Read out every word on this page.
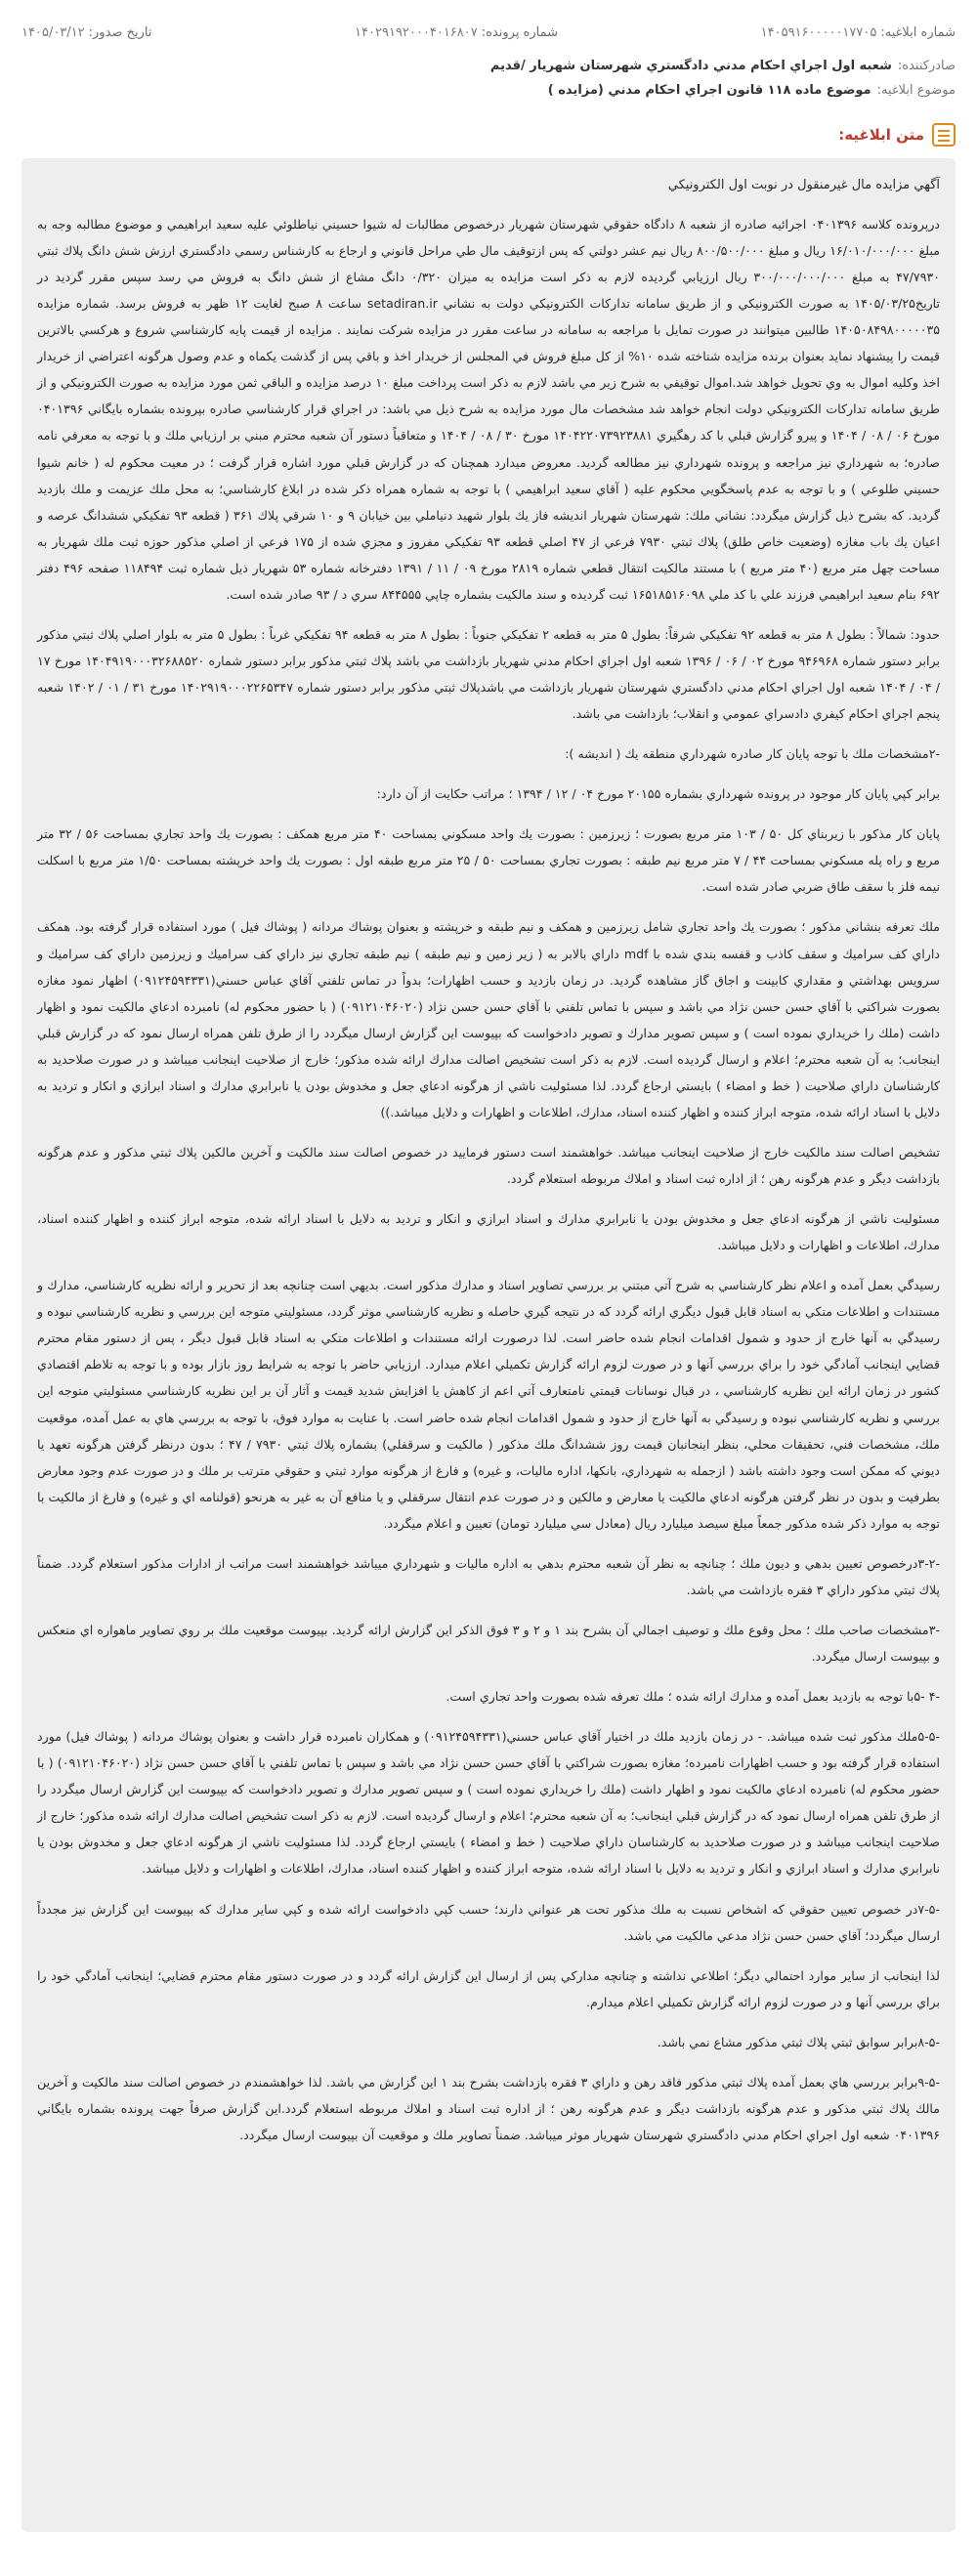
شماره ابلاغیه:
۱۴۰۵۹۱۶۰۰۰۰۰۱۷۷۰۵
شماره پرونده:
۱۴۰۲۹۱۹۲۰۰۰۴۰۱۶۸۰۷
تاریخ صدور:
۱۴۰۵/۰۳/۱۲
صادرکننده:
شعبه اول اجراي احكام مدني دادگستري شهرستان شهريار /قديم
موضوع ابلاغیه:
موضوع ماده ۱۱۸ قانون اجراي احكام مدني (مزايده )
متن ابلاغیه:

آگهي مزايده مال غيرمنقول در نوبت اول الكترونيكي

درپرونده كلاسه ۰۴۰۱۳۹۶ اجرائيه صادره از شعبه ۸ دادگاه حقوقي شهرستان شهريار درخصوص مطالبات له شيوا حسيني نياطلوئي عليه سعيد ابراهيمي و موضوع مطالبه وجه به مبلغ ۱۶/۰۱۰/۰۰۰/۰۰۰ ريال و مبلغ ۸۰۰/۵۰۰/۰۰۰ ريال نيم عشر دولتي كه پس ازتوقيف مال طي مراحل قانوني و ارجاع به كارشناس رسمي دادگستري ارزش شش دانگ پلاك ثبتي ۴۷/۷۹۳۰ به مبلغ ۳۰۰/۰۰۰/۰۰۰/۰۰۰ ريال ارزيابي گرديده لازم به ذكر است مزايده به ميزان ۰/۳۲۰ دانگ مشاع از شش دانگ به فروش مي رسد سپس مقرر گرديد در تاريخ۱۴۰۵/۰۳/۲۵ به صورت الكترونيكي و از طريق سامانه تداركات الكترونيكي دولت به نشاني setadiran.ir ساعت ۸ صبح لغايت ۱۲ ظهر به فروش برسد. شماره مزايده ۱۴۰۵۰۸۴۹۸۰۰۰۰۰۳۵ طالبين ميتوانند در صورت تمايل با مراجعه به سامانه در ساعت مقرر در مزايده شركت نمايند . مزايده از قيمت پايه كارشناسي شروع و هركسي بالاترين قيمت را پيشنهاد نمايد بعنوان برنده مزايده شناخته شده ۱۰% از كل مبلغ فروش في المجلس از خريدار اخذ و باقي پس از گذشت يكماه و عدم وصول هرگونه اعتراضي از خريدار اخذ وكليه اموال به وي تحويل خواهد شد.اموال توقيفي به شرح زير مي باشد لازم به ذكر است پرداخت مبلغ ۱۰ درصد مزايده و الباقي ثمن مورد مزايده به صورت الكترونيكي و از طريق سامانه تداركات الكترونيكي دولت انجام خواهد شد مشخصات مال مورد مزايده به شرح ذيل مي باشد: در اجراي قرار كارشناسي صادره بپرونده بشماره بايگاني ۰۴۰۱۳۹۶ مورخ ۰۶ / ۰۸ / ۱۴۰۴ و پيرو گزارش قبلي با كد رهگيري ۱۴۰۴۲۲۰۷۳۹۲۳۸۸۱ مورخ ۳۰ / ۰۸ / ۱۴۰۴ و متعاقباً دستور آن شعبه محترم مبني بر ارزيابي ملك و با توجه به معرفي نامه صادره؛ به شهرداري نيز مراجعه و پرونده شهرداري نيز مطالعه گرديد. معروض ميدارد همچنان كه در گزارش قبلي مورد اشاره قرار گرفت ؛ در معيت محكوم له ( خانم شيوا حسيني طلوعي ) و با توجه به عدم پاسخگويي محكوم عليه ( آقاي سعيد ابراهيمي ) با توجه به شماره همراه ذكر شده در ابلاغ كارشناسي؛ به محل ملك عزيمت و ملك بازديد گرديد. كه بشرح ذيل گزارش ميگردد: نشاني ملك: شهرستان شهريار انديشه فاز يك بلوار شهيد دنياملي بين خيابان ۹ و ۱۰ شرقي پلاك ۳۶۱ ( قطعه ۹۳ تفكيكي ششدانگ عرصه و اعيان يك باب مغازه (وضعيت خاص طلق) پلاك ثبتي ۷۹۳۰ فرعي از ۴۷ اصلي قطعه ۹۳ تفكيكي مفروز و مجزي شده از ۱۷۵ فرعي از اصلي مذكور حوزه ثبت ملك شهريار به مساحت چهل متر مربع (۴۰ متر مربع ) با مستند مالكيت انتقال قطعي شماره ۲۸۱۹ مورخ ۰۹ / ۱۱ / ۱۳۹۱ دفترخانه شماره ۵۳ شهريار ذيل شماره ثبت ۱۱۸۴۹۴ صفحه ۴۹۶ دفتر ۶۹۲ بنام سعيد ابراهيمي فرزند علي با كد ملي ۱۶۵۱۸۵۱۶۰۹۸ ثبت گرديده و سند مالكيت بشماره چاپي ۸۴۴۵۵۵ سري د / ۹۳ صادر شده است.

حدود: شمالاً : بطول ۸ متر به قطعه ۹۲ تفكيكي شرقاً: بطول ۵ متر به قطعه ۲ تفكيكي جنوباً : بطول ۸ متر به قطعه ۹۴ تفكيكي غرباً : بطول ۵ متر به بلوار اصلي پلاك ثبتي مذكور برابر دستور شماره ۹۴۶۹۶۸ مورخ ۰۲ / ۰۶ / ۱۳۹۶ شعبه اول اجراي احكام مدني شهريار بازداشت مي باشد پلاك ثبتي مذكور برابر دستور شماره ۱۴۰۴۹۱۹۰۰۰۳۲۶۸۸۵۲۰ مورخ ۱۷ / ۰۴ / ۱۴۰۴ شعبه اول اجراي احكام مدني دادگستري شهرستان شهريار بازداشت مي باشدپلاك ثبتي مذكور برابر دستور شماره ۱۴۰۲۹۱۹۰۰۰۲۲۶۵۳۴۷ مورخ ۳۱ / ۰۱ / ۱۴۰۲ شعبه پنجم اجراي احكام كيفري دادسراي عمومي و انقلاب؛ بازداشت مي باشد.

-۲مشخصات ملك با توجه پايان كار صادره شهرداري منطقه يك ( انديشه ):

برابر كپي پايان كار موجود در پرونده شهرداري بشماره ۲۰۱۵۵ مورخ ۰۴ / ۱۲ / ۱۳۹۴ ؛ مراتب حكايت از آن دارد:

پايان كار مذكور با زيربناي كل ۵۰ / ۱۰۳ متر مربع بصورت ؛ زيرزمين : بصورت يك واحد مسكوني بمساحت ۴۰ متر مربع همكف : بصورت يك واحد تجاري بمساحت ۵۶ / ۳۲ متر مربع و راه پله مسكوني بمساحت ۴۴ / ۷ متر مربع نيم طبقه : بصورت تجاري بمساحت ۵۰ / ۲۵ متر مربع طبقه اول : بصورت يك واحد خرپشته بمساحت ۱/۵۰ متر مربع با اسكلت نيمه فلز با سقف طاق ضربي صادر شده است.

ملك تعرفه بنشاني مذكور ؛ بصورت يك واحد تجاري شامل زيرزمين و همكف و نيم طبقه و خرپشته و بعنوان پوشاك مردانه ( پوشاك فيل ) مورد استفاده قرار گرفته بود. همكف داراي كف سراميك و سقف كاذب و قفسه بندي شده با mdf داراي بالابر به ( زير زمين و نيم طبقه ) نيم طبقه تجاري نيز داراي كف سراميك و زيرزمين داراي كف سراميك و سرويس بهداشتي و مقداري كابينت و اجاق گاز مشاهده گرديد. در زمان بازديد و حسب اظهارات؛ بدواً در تماس تلفني آقاي عباس حسني(۰۹۱۲۴۵۹۴۳۳۱) اظهار نمود مغازه بصورت شراكتي با آقاي حسن حسن نژاد مي باشد و سپس با تماس تلفني با آقاي حسن حسن نژاد (۰۹۱۲۱۰۴۶۰۲۰) ( با حضور محكوم له) نامبرده ادعاي مالكيت نمود و اظهار داشت (ملك را خريداري نموده است ) و سپس تصوير مدارك و تصوير دادخواست كه بپيوست اين گزارش ارسال ميگردد را از طرق تلفن همراه ارسال نمود كه در گزارش قبلي اينجانب؛ به آن شعبه محترم؛ اعلام و ارسال گرديده است. لازم به ذكر است تشخيص اصالت مدارك ارائه شده مذكور؛ خارج از صلاحيت اينجانب ميباشد و در صورت صلاحديد به كارشناسان داراي صلاحيت ( خط و امضاء ) بايستي ارجاع گردد. لذا مسئوليت ناشي از هرگونه ادعاي جعل و مخدوش بودن يا نابرابري مدارك و اسناد ابرازي و انكار و ترديد به دلايل با اسناد ارائه شده، متوجه ابراز كننده و اظهار كننده اسناد، مدارك، اطلاعات و اظهارات و دلايل ميباشد.))

تشخيص اصالت سند مالكيت خارج از صلاحيت اينجانب ميباشد. خواهشمند است دستور فرماييد در خصوص اصالت سند مالكيت و آخرين مالكين پلاك ثبتي مذكور و عدم هرگونه بازداشت ديگر و عدم هرگونه رهن ؛ از اداره ثبت اسناد و املاك مربوطه استعلام گردد.

مسئوليت ناشي از هرگونه ادعاي جعل و مخدوش بودن يا نابرابري مدارك و اسناد ابرازي و انكار و ترديد به دلايل با اسناد ارائه شده، متوجه ابراز كننده و اظهار كننده اسناد، مدارك، اطلاعات و اظهارات و دلايل ميباشد.

رسيدگي بعمل آمده و اعلام نظر كارشناسي به شرح آتي مبتني بر بررسي تصاوير اسناد و مدارك مذكور است. بديهي است چنانچه بعد از تحرير و ارائه نظريه كارشناسي، مدارك و مستندات و اطلاعات متكي به اسناد قابل قبول ديگري ارائه گردد كه در نتيجه گيري حاصله و نظريه كارشناسي موثر گردد، مسئوليتي متوجه اين بررسي و نظريه كارشناسي نبوده و رسيدگي به آنها خارج از حدود و شمول اقدامات انجام شده حاضر است. لذا درصورت ارائه مستندات و اطلاعات متكي به اسناد قابل قبول ديگر ، پس از دستور مقام محترم قضايي اينجانب آمادگي خود را براي بررسي آنها و در صورت لزوم ارائه گزارش تكميلي اعلام ميدارد. ارزيابي حاضر با توجه به شرايط روز بازار بوده و با توجه به تلاطم اقتصادي كشور در زمان ارائه اين نظريه كارشناسي ، در قبال نوسانات قيمتي نامتعارف آتي اعم از كاهش يا افزايش شديد قيمت و آثار آن بر اين نظريه كارشناسي مسئوليتي متوجه اين بررسي و نظريه كارشناسي نبوده و رسيدگي به آنها خارج از حدود و شمول اقدامات انجام شده حاضر است. با عنايت به موارد فوق، با توجه به بررسي هاي به عمل آمده، موقعيت ملك، مشخصات فني، تحقيقات محلي، بنظر اينجانبان قيمت روز ششدانگ ملك مذكور ( مالكيت و سرقفلي) بشماره پلاك ثبتي ۷۹۳۰ / ۴۷ ؛ بدون درنظر گرفتن هرگونه تعهد يا ديوني كه ممكن است وجود داشته باشد ( ازجمله به شهرداري، بانكها، اداره ماليات، و غيره) و فارغ از هرگونه موارد ثبتي و حقوقي مترتب بر ملك و در صورت عدم وجود معارض بطرفيت و بدون در نظر گرفتن هرگونه ادعاي مالكيت يا معارض و مالكين و در صورت عدم انتقال سرقفلي و يا منافع آن به غير به هرنحو (قولنامه اي و غيره) و فارغ از مالكيت با توجه به موارد ذكر شده مذكور جمعاً مبلغ سيصد ميليارد ريال (معادل سي ميليارد تومان) تعيين و اعلام ميگردد.

-۳-۲درخصوص تعيين بدهي و ديون ملك ؛ چنانچه به نظر آن شعبه محترم بدهي به اداره ماليات و شهرداري ميباشد خواهشمند است مراتب از ادارات مذكور استعلام گردد. ضمناً پلاك ثبتي مذكور داراي ۳ فقره بازداشت مي باشد.

-۳مشخصات صاحب ملك ؛ محل وقوع ملك و توصيف اجمالي آن بشرح بند ۱ و ۲ و ۳ فوق الذكر اين گزارش ارائه گرديد. بپيوست موقعيت ملك بر روي تصاوير ماهواره اي منعكس و بپيوست ارسال ميگردد.

-۴ -۵با توجه به بازديد بعمل آمده و مدارك ارائه شده ؛ ملك تعرفه شده بصورت واحد تجاري است.

-۵-۵ملك مذكور ثبت شده ميباشد. - در زمان بازديد ملك در اختيار آقاي عباس حسني(۰۹۱۲۴۵۹۴۳۳۱) و همكاران نامبرده قرار داشت و بعنوان پوشاك مردانه ( پوشاك فيل) مورد استفاده قرار گرفته بود و حسب اظهارات نامبرده؛ مغازه بصورت شراكتي با آقاي حسن حسن نژاد مي باشد و سپس با تماس تلفني با آقاي حسن حسن نژاد (۰۹۱۲۱۰۴۶۰۲۰) ( با حضور محكوم له) نامبرده ادعاي مالكيت نمود و اظهار داشت (ملك را خريداري نموده است ) و سپس تصوير مدارك و تصوير دادخواست كه بپيوست اين گزارش ارسال ميگردد را از طرق تلفن همراه ارسال نمود كه در گزارش قبلي اينجانب؛ به آن شعبه محترم؛ اعلام و ارسال گرديده است. لازم به ذكر است تشخيص اصالت مدارك ارائه شده مذكور؛ خارج از صلاحيت اينجانب ميباشد و در صورت صلاحديد به كارشناسان داراي صلاحيت ( خط و امضاء ) بايستي ارجاع گردد. لذا مسئوليت ناشي از هرگونه ادعاي جعل و مخدوش بودن يا نابرابري مدارك و اسناد ابرازي و انكار و ترديد به دلايل با اسناد ارائه شده، متوجه ابراز كننده و اظهار كننده اسناد، مدارك، اطلاعات و اظهارات و دلايل ميباشد.

-۷-۵در خصوص تعيين حقوقي كه اشخاص نسبت به ملك مذكور تحت هر عنواني دارند؛ حسب كپي دادخواست ارائه شده و كپي ساير مدارك كه بپيوست اين گزارش نيز مجدداً ارسال ميگردد؛ آقاي حسن حسن نژاد مدعي مالكيت مي باشد.

لذا اينجانب از سایر موارد احتمالي ديگر؛ اطلاعي نداشته و چنانچه مداركي پس از ارسال اين گزارش ارائه گردد و در صورت دستور مقام محترم قضايي؛ اينجانب آمادگي خود را براي بررسي آنها و در صورت لزوم ارائه گزارش تكميلي اعلام ميدارم.

-۸-۵برابر سوابق ثبتي پلاك ثبتي مذكور مشاع نمي باشد.

-۹-۵برابر بررسي هاي بعمل آمده پلاك ثبتي مذكور فاقد رهن و داراي ۳ فقره بازداشت بشرح بند ۱ اين گزارش مي باشد. لذا خواهشمندم در خصوص اصالت سند مالكيت و آخرين مالك پلاك ثبتي مذكور و عدم هرگونه بازداشت ديگر و عدم هرگونه رهن ؛ از اداره ثبت اسناد و املاك مربوطه استعلام گردد.اين گزارش صرفاً جهت پرونده بشماره بايگاني ۰۴۰۱۳۹۶ شعبه اول اجراي احكام مدني دادگستري شهرستان شهريار موثر ميباشد. ضمناً تصاوير ملك و موقعيت آن بپيوست ارسال ميگردد.
